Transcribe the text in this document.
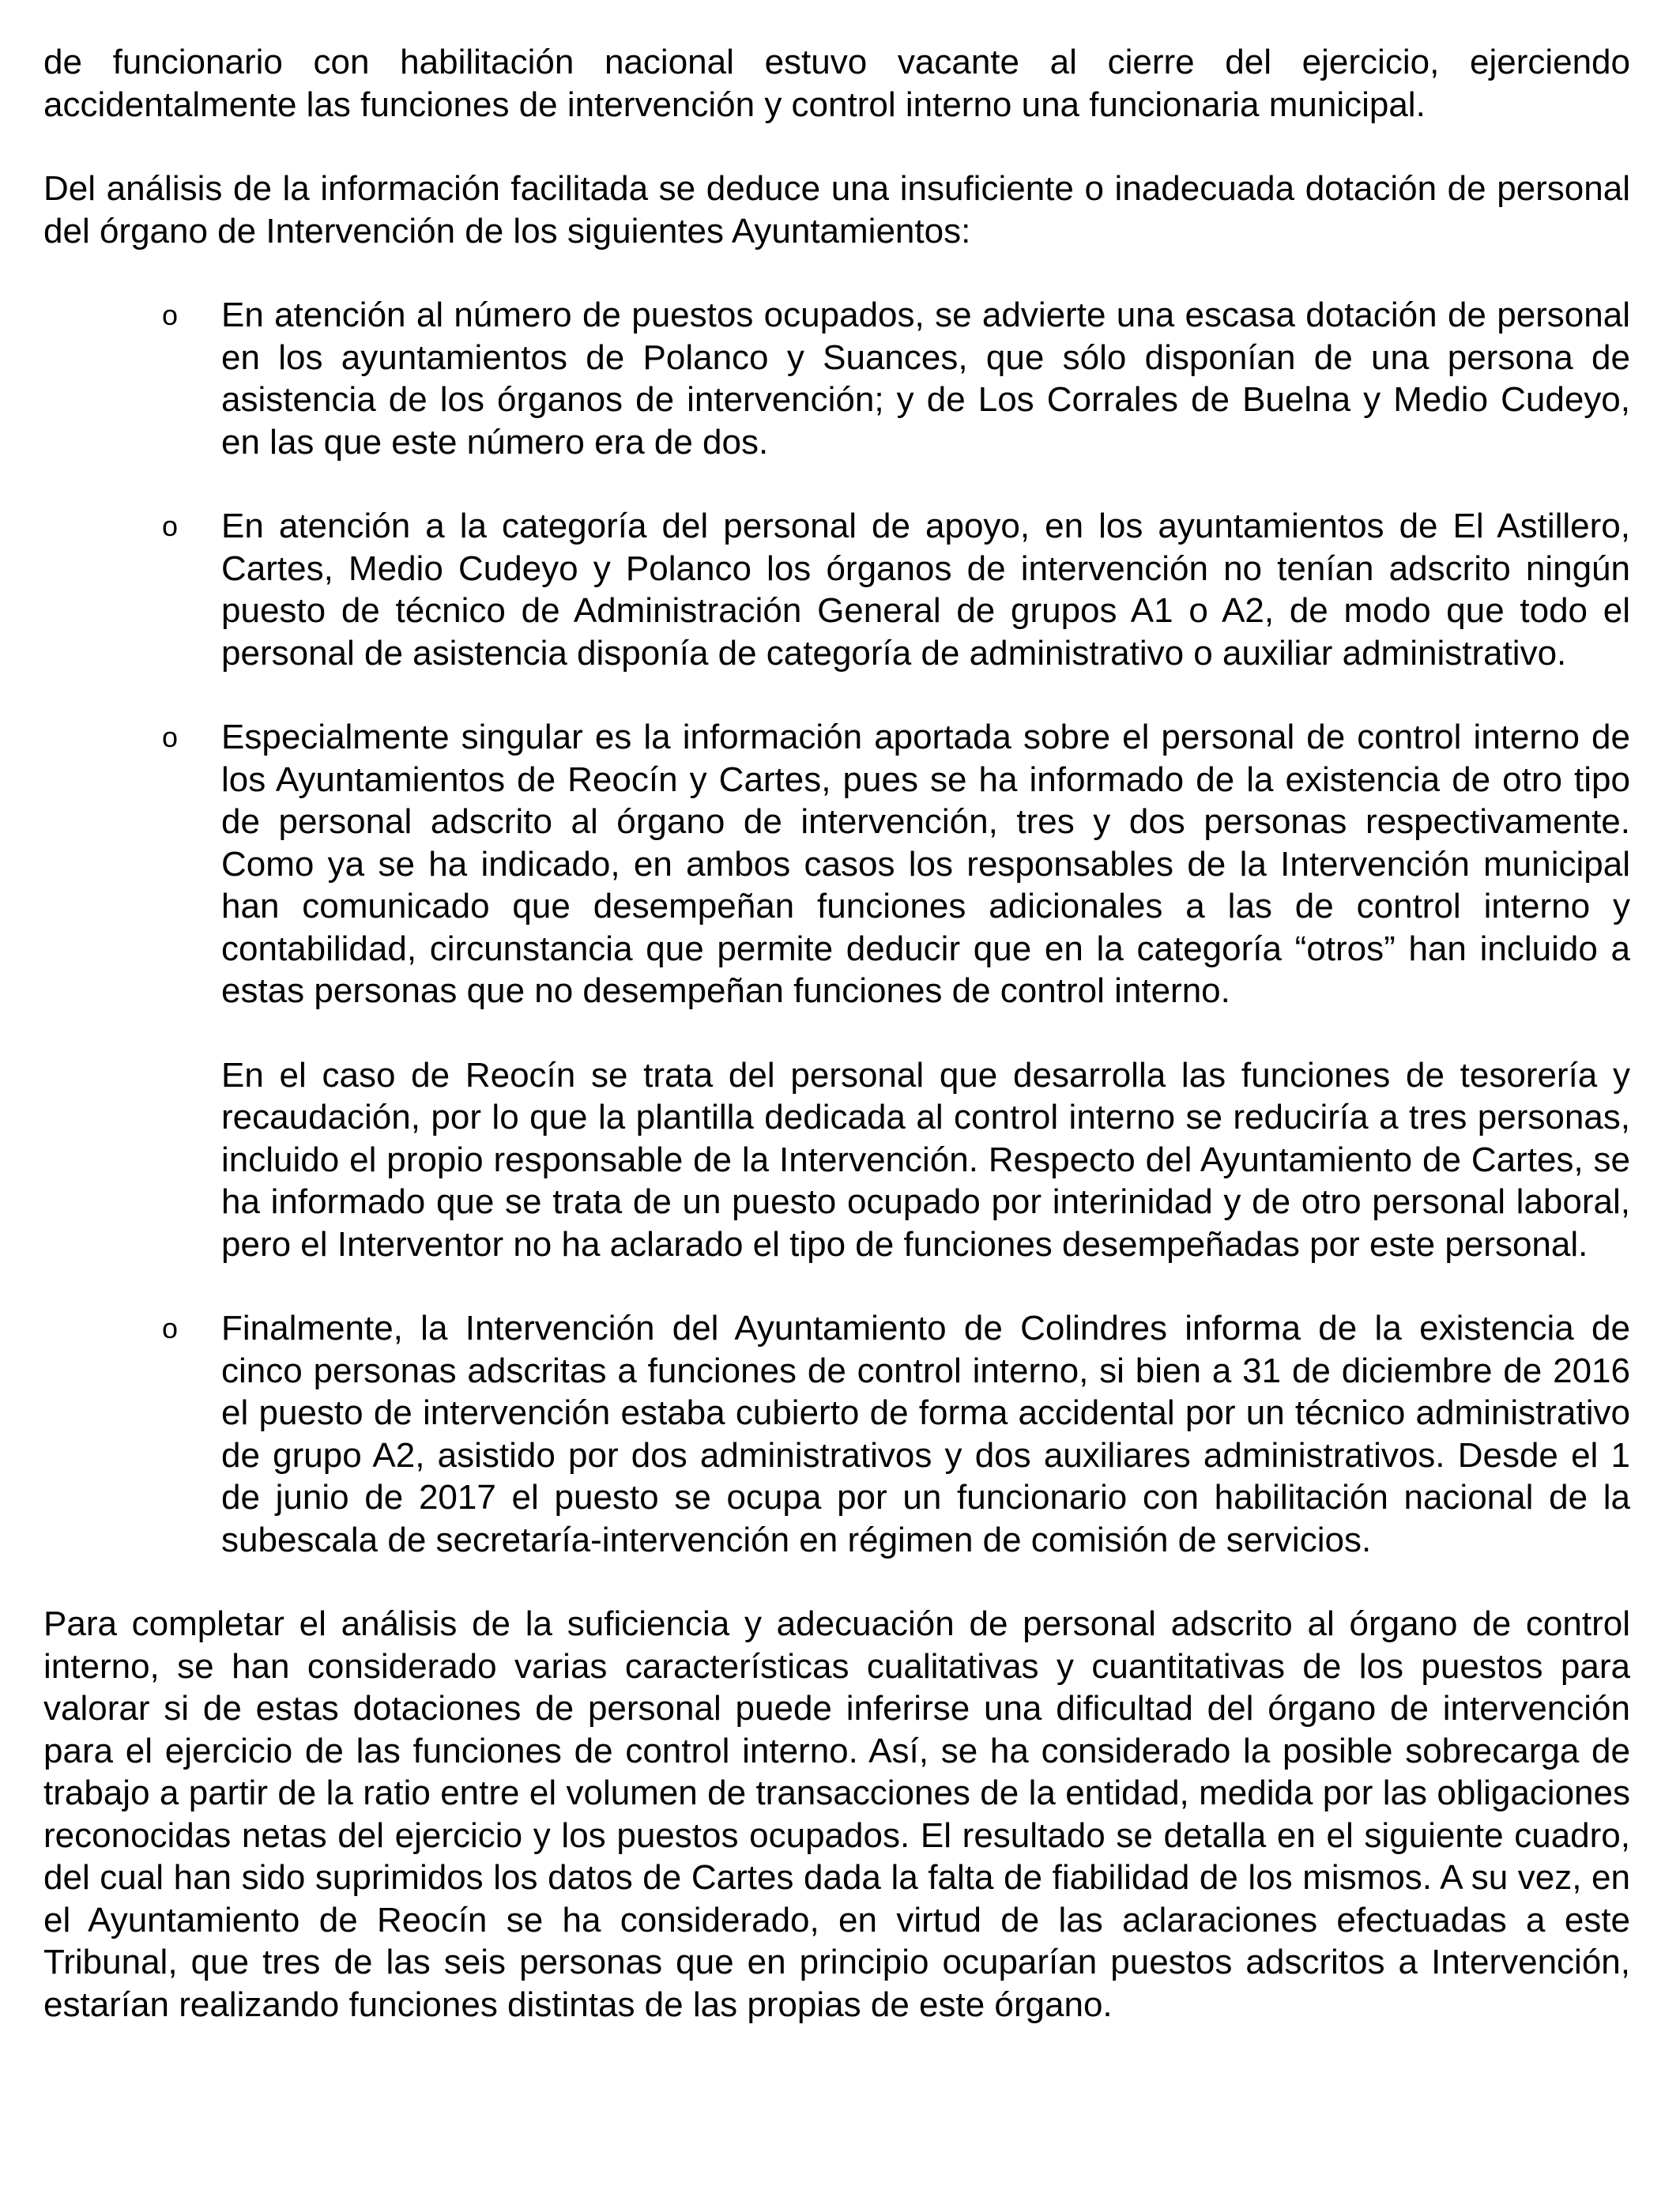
de funcionario con habilitación nacional estuvo vacante al cierre del ejercicio, ejerciendo accidentalmente las funciones de intervención y control interno una funcionaria municipal.

Del análisis de la información facilitada se deduce una insuficiente o inadecuada dotación de personal del órgano de Intervención de los siguientes Ayuntamientos:

o En atención al número de puestos ocupados, se advierte una escasa dotación de personal en los ayuntamientos de Polanco y Suances, que sólo disponían de una persona de asistencia de los órganos de intervención; y de Los Corrales de Buelna y Medio Cudeyo, en las que este número era de dos.

o En atención a la categoría del personal de apoyo, en los ayuntamientos de El Astillero, Cartes, Medio Cudeyo y Polanco los órganos de intervención no tenían adscrito ningún puesto de técnico de Administración General de grupos A1 o A2, de modo que todo el personal de asistencia disponía de categoría de administrativo o auxiliar administrativo.

o Especialmente singular es la información aportada sobre el personal de control interno de los Ayuntamientos de Reocín y Cartes, pues se ha informado de la existencia de otro tipo de personal adscrito al órgano de intervención, tres y dos personas respectivamente. Como ya se ha indicado, en ambos casos los responsables de la Intervención municipal han comunicado que desempeñan funciones adicionales a las de control interno y contabilidad, circunstancia que permite deducir que en la categoría “otros” han incluido a estas personas que no desempeñan funciones de control interno.

En el caso de Reocín se trata del personal que desarrolla las funciones de tesorería y recaudación, por lo que la plantilla dedicada al control interno se reduciría a tres personas, incluido el propio responsable de la Intervención. Respecto del Ayuntamiento de Cartes, se ha informado que se trata de un puesto ocupado por interinidad y de otro personal laboral, pero el Interventor no ha aclarado el tipo de funciones desempeñadas por este personal.

o Finalmente, la Intervención del Ayuntamiento de Colindres informa de la existencia de cinco personas adscritas a funciones de control interno, si bien a 31 de diciembre de 2016 el puesto de intervención estaba cubierto de forma accidental por un técnico administrativo de grupo A2, asistido por dos administrativos y dos auxiliares administrativos. Desde el 1 de junio de 2017 el puesto se ocupa por un funcionario con habilitación nacional de la subescala de secretaría-intervención en régimen de comisión de servicios.

Para completar el análisis de la suficiencia y adecuación de personal adscrito al órgano de control interno, se han considerado varias características cualitativas y cuantitativas de los puestos para valorar si de estas dotaciones de personal puede inferirse una dificultad del órgano de intervención para el ejercicio de las funciones de control interno. Así, se ha considerado la posible sobrecarga de trabajo a partir de la ratio entre el volumen de transacciones de la entidad, medida por las obligaciones reconocidas netas del ejercicio y los puestos ocupados. El resultado se detalla en el siguiente cuadro, del cual han sido suprimidos los datos de Cartes dada la falta de fiabilidad de los mismos. A su vez, en el Ayuntamiento de Reocín se ha considerado, en virtud de las aclaraciones efectuadas a este Tribunal, que tres de las seis personas que en principio ocuparían puestos adscritos a Intervención, estarían realizando funciones distintas de las propias de este órgano.
